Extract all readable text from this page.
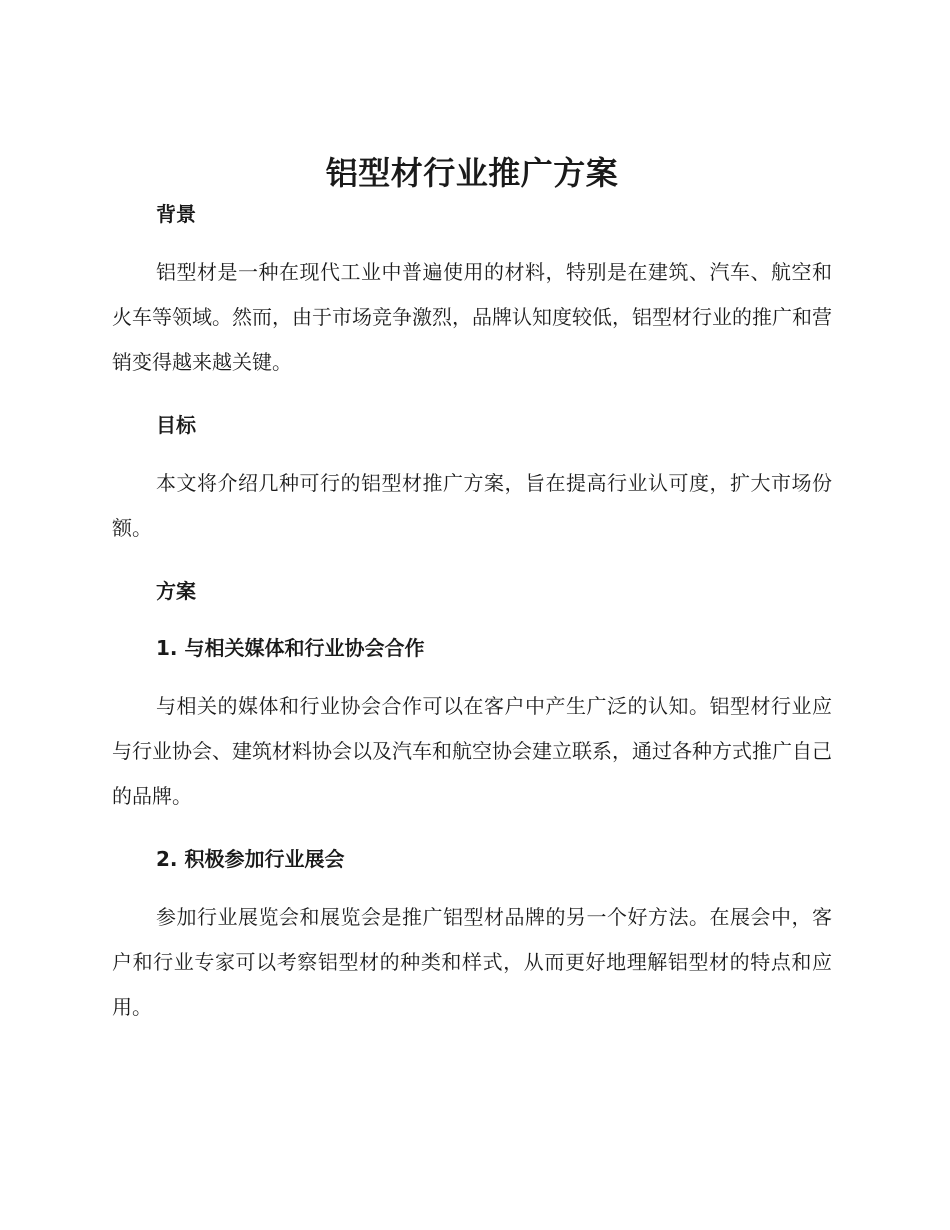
铝型材行业推广方案
背景

铝型材是一种在现代工业中普遍使用的材料，特别是在建筑、汽车、航空和火车等领域。然而，由于市场竞争激烈，品牌认知度较低，铝型材行业的推广和营销变得越来越关键。

目标

本文将介绍几种可行的铝型材推广方案，旨在提高行业认可度，扩大市场份额。

方案
1. 与相关媒体和行业协会合作

与相关的媒体和行业协会合作可以在客户中产生广泛的认知。铝型材行业应与行业协会、建筑材料协会以及汽车和航空协会建立联系，通过各种方式推广自己的品牌。

2. 积极参加行业展会

参加行业展览会和展览会是推广铝型材品牌的另一个好方法。在展会中，客户和行业专家可以考察铝型材的种类和样式，从而更好地理解铝型材的特点和应用。
